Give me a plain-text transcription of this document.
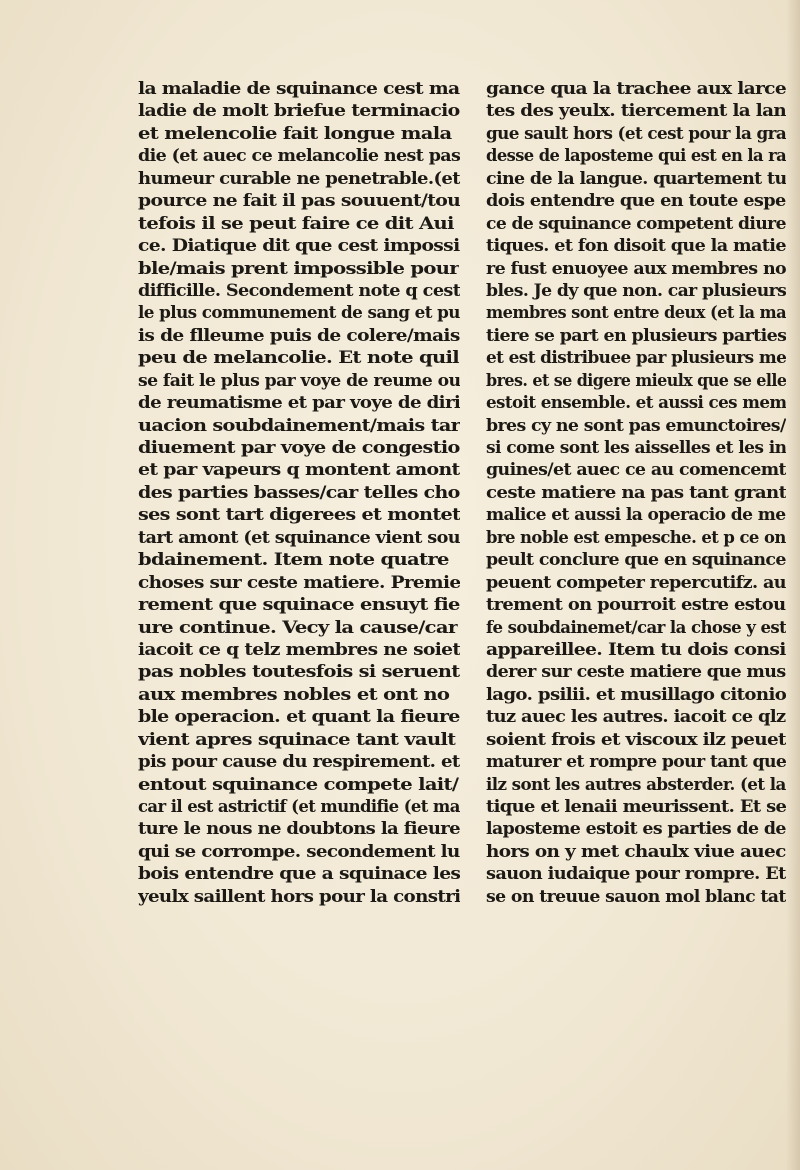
la maladie de squinance cest ma
ladie de molt briefue terminacio
et melencolie fait longue mala
die (et auec ce melancolie nest pas
humeur curable ne penetrable.(et
pource ne fait il pas souuent/tou
tefois il se peut faire ce dit Aui
ce. Diatique dit que cest impossi
ble/mais prent impossible pour
difficille. Secondement note q cest
le plus communement de sang et pu
is de flleume puis de colere/mais
peu de melancolie. Et note quil
se fait le plus par voye de reume ou
de reumatisme et par voye de diri
uacion soubdainement/mais tar
diuement par voye de congestio
et par vapeurs q montent amont
des parties basses/car telles cho
ses sont tart digerees et montet
tart amont (et squinance vient sou
bdainement. Item note quatre
choses sur ceste matiere. Premie
rement que squinace ensuyt fie
ure continue. Vecy la cause/car
iacoit ce q telz membres ne soiet
pas nobles toutesfois si seruent
aux membres nobles et ont no
ble operacion. et quant la fieure
vient apres squinace tant vault
pis pour cause du respirement. et
entout squinance compete lait/
car il est astrictif (et mundifie (et ma
ture le nous ne doubtons la fieure
qui se corrompe. secondement lu
bois entendre que a squinace les
yeulx saillent hors pour la constri
gance qua la trachee aux larce
tes des yeulx. tiercement la lan
gue sault hors (et cest pour la gra
desse de laposteme qui est en la ra
cine de la langue. quartement tu
dois entendre que en toute espe
ce de squinance competent diure
tiques. et fon disoit que la matie
re fust enuoyee aux membres no
bles. Je dy que non. car plusieurs
membres sont entre deux (et la ma
tiere se part en plusieurs parties
et est distribuee par plusieurs me
bres. et se digere mieulx que se elle
estoit ensemble. et aussi ces mem
bres cy ne sont pas emunctoires/
si come sont les aisselles et les in
guines/et auec ce au comencemt
ceste matiere na pas tant grant
malice et aussi la operacio de me
bre noble est empesche. et p ce on
peult conclure que en squinance
peuent competer repercutifz. au
trement on pourroit estre estou
fe soubdainemet/car la chose y est
appareillee. Item tu dois consi
derer sur ceste matiere que mus
lago. psilii. et musillago citonio
tuz auec les autres. iacoit ce qlz
soient frois et viscoux ilz peuet
maturer et rompre pour tant que
ilz sont les autres absterder. (et la
tique et lenaii meurissent. Et se
laposteme estoit es parties de de
hors on y met chaulx viue auec
sauon iudaique pour rompre. Et
se on treuue sauon mol blanc tat
